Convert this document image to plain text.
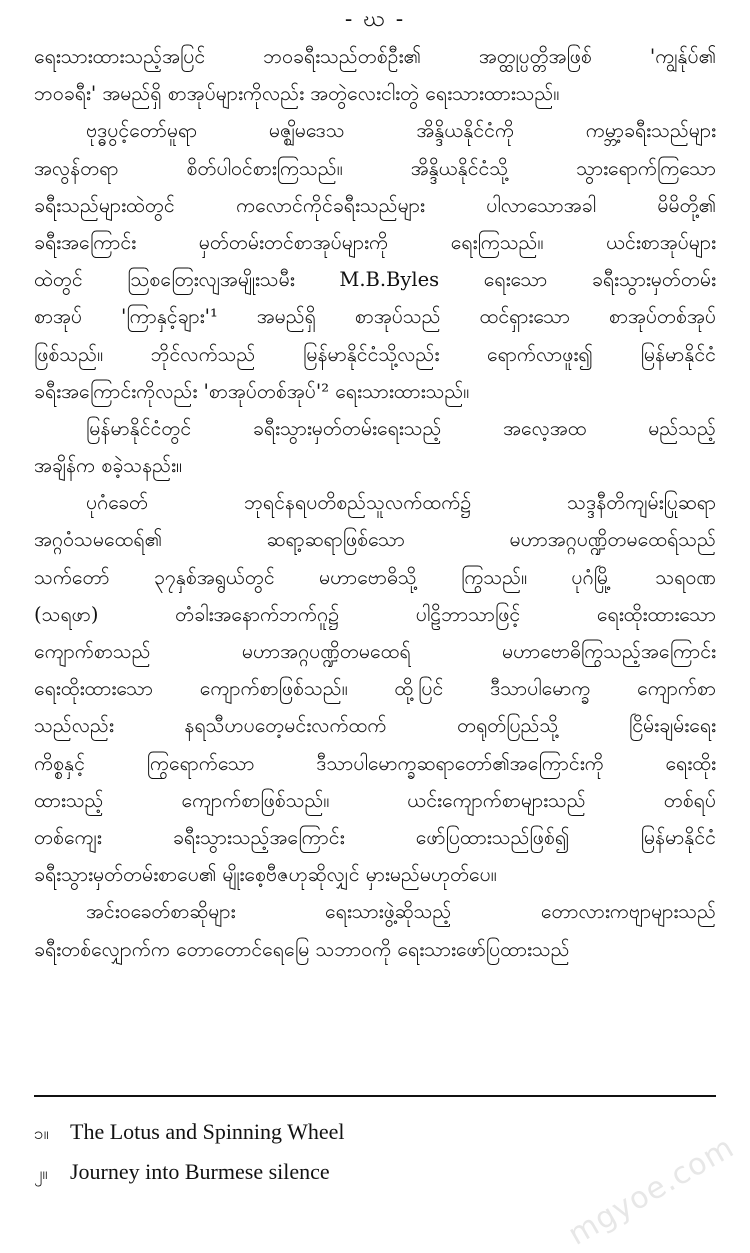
- ဃ -
ရေးသားထားသည့်အပြင် ဘဝခရီးသည်တစ်ဦး၏ အတ္ထုပ္ပတ္တိအဖြစ် 'ကျွန်ုပ်၏
ဘဝခရီး' အမည်ရှိ စာအုပ်များကိုလည်း အတွဲလေးငါးတွဲ ရေးသားထားသည်။
ဗုဒ္ဓပွင့်တော်မူရာ မဇ္ဈိမဒေသ အိန္ဒိယနိုင်ငံကို ကမ္ဘာ့ခရီးသည်များ
အလွန်တရာ စိတ်ပါဝင်စားကြသည်။ အိန္ဒိယနိုင်ငံသို့ သွားရောက်ကြသော
ခရီးသည်များထဲတွင် ကလောင်ကိုင်ခရီးသည်များ ပါလာသောအခါ မိမိတို့၏
ခရီးအကြောင်း မှတ်တမ်းတင်စာအုပ်များကို ရေးကြသည်။ ယင်းစာအုပ်များ
ထဲတွင် ဩစတြေးလျအမျိုးသမီး M.B.Byles ရေးသော ခရီးသွားမှတ်တမ်း
စာအုပ် 'ကြာနှင့်ချား'¹ အမည်ရှိ စာအုပ်သည် ထင်ရှားသော စာအုပ်တစ်အုပ်
ဖြစ်သည်။ ဘိုင်လက်သည် မြန်မာနိုင်ငံသို့လည်း ရောက်လာဖူး၍ မြန်မာနိုင်ငံ
ခရီးအကြောင်းကိုလည်း 'စာအုပ်တစ်အုပ်'² ရေးသားထားသည်။
မြန်မာနိုင်ငံတွင် ခရီးသွားမှတ်တမ်းရေးသည့် အလေ့အထ မည်သည့်
အချိန်က စခဲ့သနည်း။
ပုဂံခေတ် ဘုရင်နရပတိစည်သူလက်ထက်၌ သဒ္ဒနီတိကျမ်းပြုဆရာ
အဂ္ဂဝံသမထေရ်၏ ဆရာ့ဆရာဖြစ်သော မဟာအဂ္ဂပဏ္ဍိတမထေရ်သည်
သက်တော် ၃၇နှစ်အရွယ်တွင် မဟာဗောဓိသို့ ကြွသည်။ ပုဂံမြို့ သရဝဏ
(သရဖာ) တံခါးအနောက်ဘက်ဂူ၌ ပါဠိဘာသာဖြင့် ရေးထိုးထားသော
ကျောက်စာသည် မဟာအဂ္ဂပဏ္ဍိတမထေရ် မဟာဗောဓိကြွသည့်အကြောင်း
ရေးထိုးထားသော ကျောက်စာဖြစ်သည်။ ထို့ပြင် ဒီသာပါမောက္ခ ကျောက်စာ
သည်လည်း နရသီဟပတေ့မင်းလက်ထက် တရုတ်ပြည်သို့ ငြိမ်းချမ်းရေး
ကိစ္စနှင့် ကြွရောက်သော ဒီသာပါမောက္ခဆရာတော်၏အကြောင်းကို ရေးထိုး
ထားသည့် ကျောက်စာဖြစ်သည်။ ယင်းကျောက်စာများသည် တစ်ရပ်
တစ်ကျေး ခရီးသွားသည့်အကြောင်း ဖော်ပြထားသည်ဖြစ်၍ မြန်မာနိုင်ငံ
ခရီးသွားမှတ်တမ်းစာပေ၏ မျိုးစေ့ဗီဇဟုဆိုလျှင် မှားမည်မဟုတ်ပေ။
အင်းဝခေတ်စာဆိုများ ရေးသားဖွဲ့ဆိုသည့် တောလားကဗျာများသည်
ခရီးတစ်လျှောက်က တောတောင်ရေမြေ သဘာဝကို ရေးသားဖော်ပြထားသည်
၁။ The Lotus and Spinning Wheel
၂။ Journey into Burmese silence	mgyoe.com
